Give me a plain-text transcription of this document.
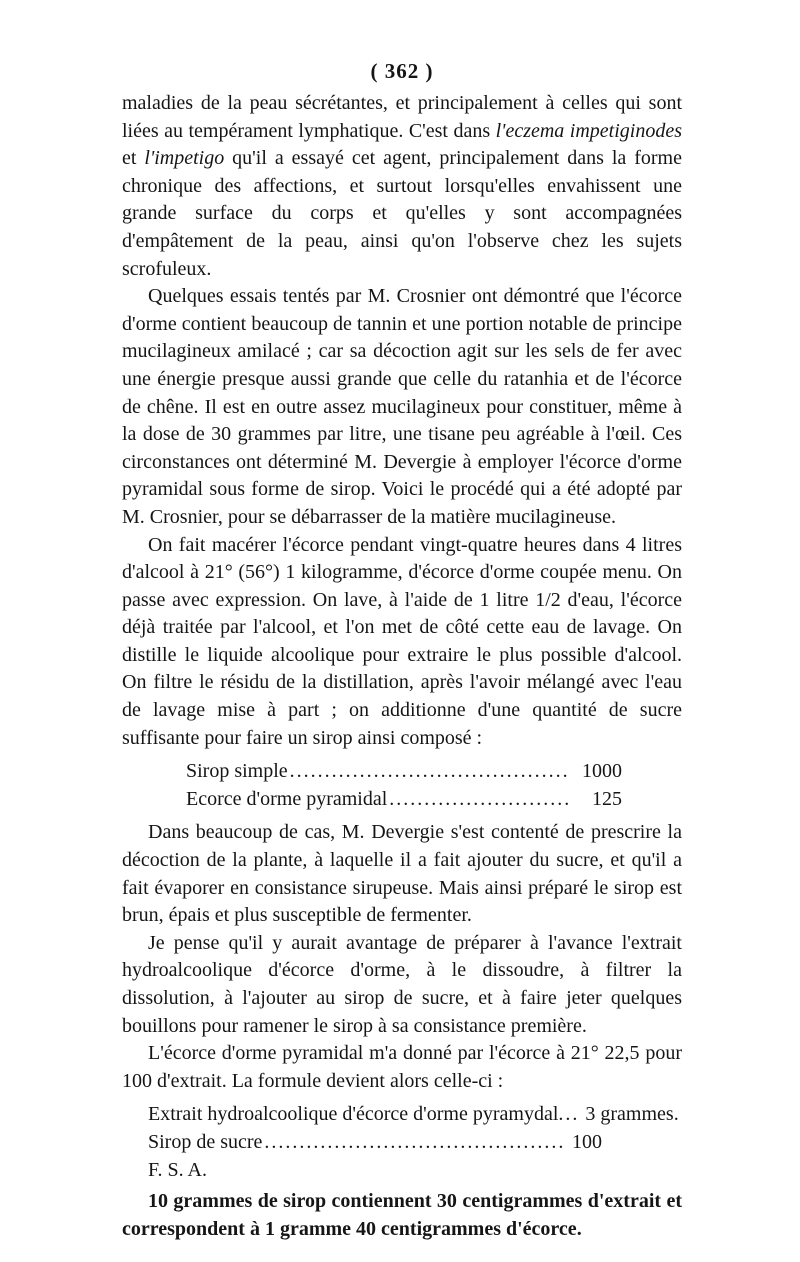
( 362 )

maladies de la peau sécrétantes, et principalement à celles qui sont liées au tempérament lymphatique. C'est dans l'eczema impetiginodes et l'impetigo qu'il a essayé cet agent, principalement dans la forme chronique des affections, et surtout lorsqu'elles envahissent une grande surface du corps et qu'elles y sont accompagnées d'empâtement de la peau, ainsi qu'on l'observe chez les sujets scrofuleux.

Quelques essais tentés par M. Crosnier ont démontré que l'écorce d'orme contient beaucoup de tannin et une portion notable de principe mucilagineux amilacé ; car sa décoction agit sur les sels de fer avec une énergie presque aussi grande que celle du ratanhia et de l'écorce de chêne. Il est en outre assez mucilagineux pour constituer, même à la dose de 30 grammes par litre, une tisane peu agréable à l'œil. Ces circonstances ont déterminé M. Devergie à employer l'écorce d'orme pyramidal sous forme de sirop. Voici le procédé qui a été adopté par M. Crosnier, pour se débarrasser de la matière mucilagineuse.

On fait macérer l'écorce pendant vingt-quatre heures dans 4 litres d'alcool à 21° (56°) 1 kilogramme, d'écorce d'orme coupée menu. On passe avec expression. On lave, à l'aide de 1 litre 1/2 d'eau, l'écorce déjà traitée par l'alcool, et l'on met de côté cette eau de lavage. On distille le liquide alcoolique pour extraire le plus possible d'alcool. On filtre le résidu de la distillation, après l'avoir mélangé avec l'eau de lavage mise à part ; on additionne d'une quantité de sucre suffisante pour faire un sirop ainsi composé :

Sirop simple .....	1000
Ecorce d'orme pyramidal .....	125

Dans beaucoup de cas, M. Devergie s'est contenté de prescrire la décoction de la plante, à laquelle il a fait ajouter du sucre, et qu'il a fait évaporer en consistance sirupeuse. Mais ainsi préparé le sirop est brun, épais et plus susceptible de fermenter.

Je pense qu'il y aurait avantage de préparer à l'avance l'extrait hydroalcoolique d'écorce d'orme, à le dissoudre, à filtrer la dissolution, à l'ajouter au sirop de sucre, et à faire jeter quelques bouillons pour ramener le sirop à sa consistance première.

L'écorce d'orme pyramidal m'a donné par l'écorce à 21° 22,5 pour 100 d'extrait. La formule devient alors celle-ci :

Extrait hydroalcoolique d'écorce d'orme pyramydal. ..... 3 grammes.
Sirop de sucre .....	100

F. S. A.

10 grammes de sirop contiennent 30 centigrammes d'extrait et correspondent à 1 gramme 40 centigrammes d'écorce.
